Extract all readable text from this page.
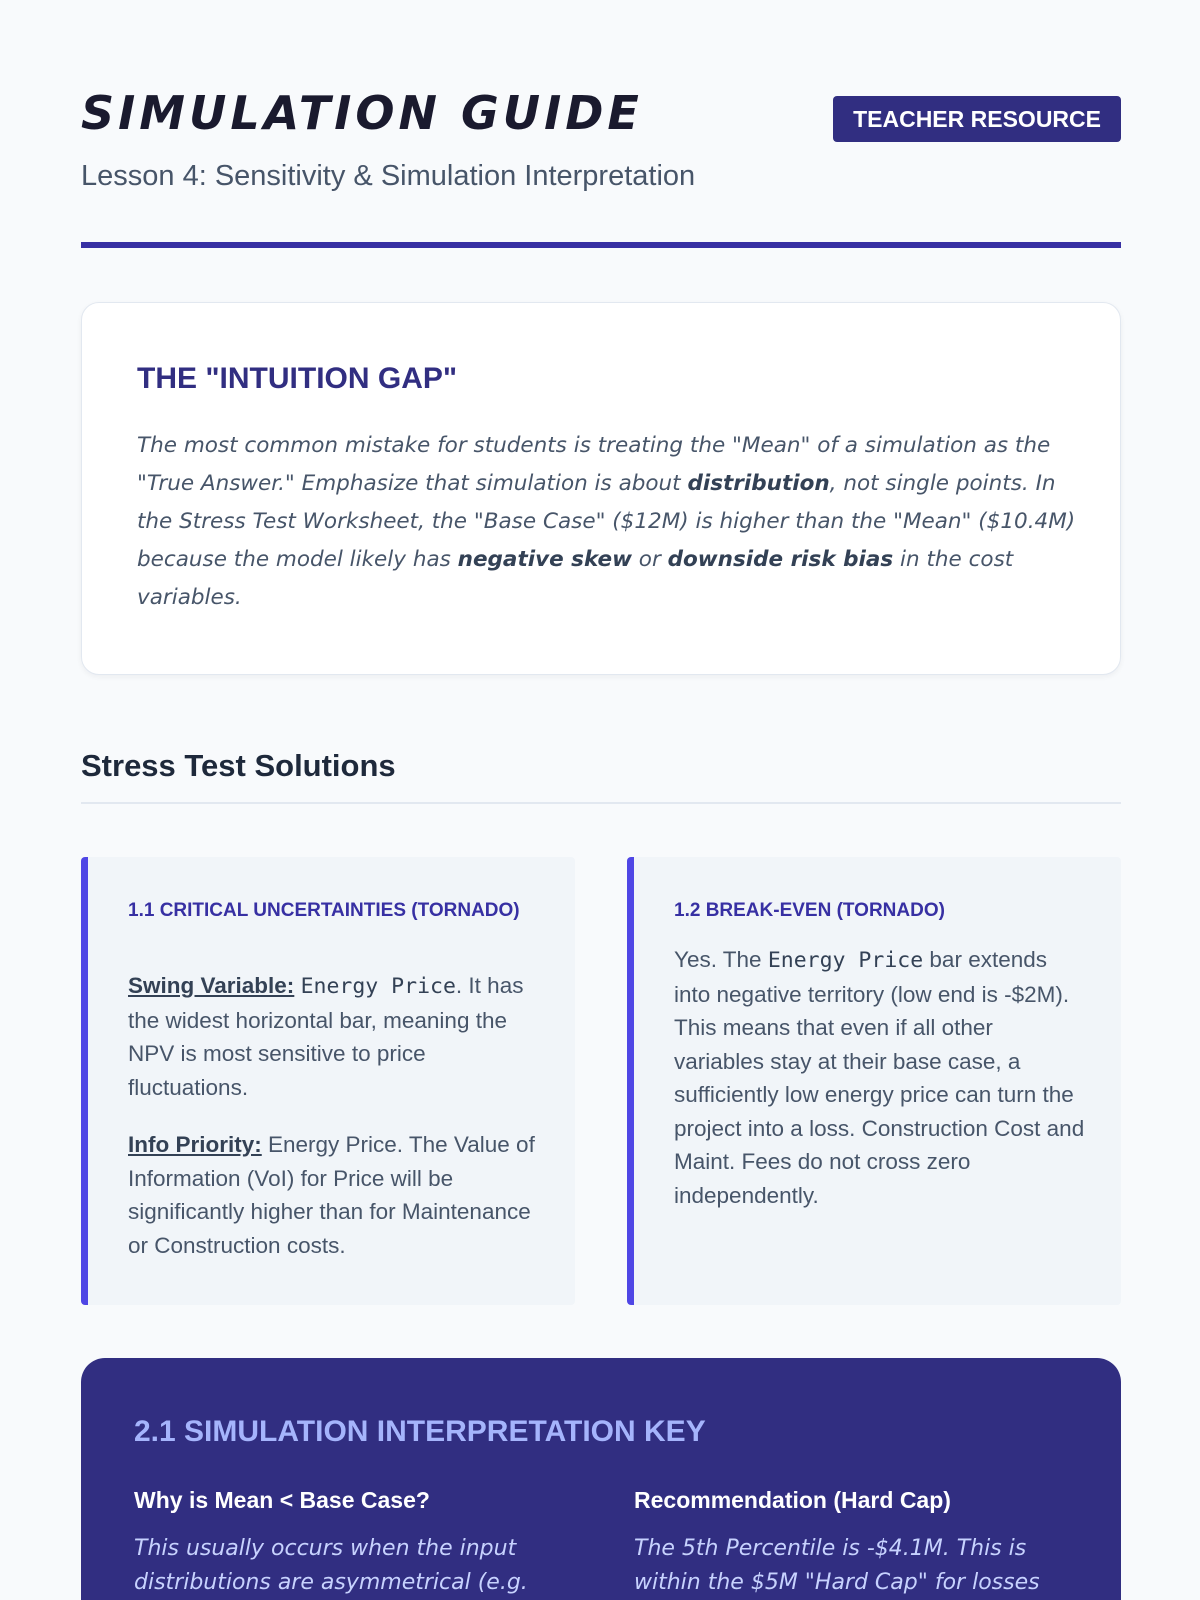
SIMULATION GUIDE	TEACHER RESOURCE
Lesson 4: Sensitivity & Simulation Interpretation
THE "INTUITION GAP"

The most common mistake for students is treating the "Mean" of a simulation as the "True Answer." Emphasize that simulation is about distribution, not single points. In the Stress Test Worksheet, the "Base Case" ($12M) is higher than the "Mean" ($10.4M) because the model likely has negative skew or downside risk bias in the cost variables.

Stress Test Solutions
1.1 CRITICAL UNCERTAINTIES (TORNADO)

Swing Variable: Energy Price. It has the widest horizontal bar, meaning the NPV is most sensitive to price fluctuations.

Info Priority: Energy Price. The Value of Information (VoI) for Price will be significantly higher than for Maintenance or Construction costs.

1.2 BREAK-EVEN (TORNADO)

Yes. The Energy Price bar extends into negative territory (low end is -$2M). This means that even if all other variables stay at their base case, a sufficiently low energy price can turn the project into a loss. Construction Cost and Maint. Fees do not cross zero independently.

2.1 SIMULATION INTERPRETATION KEY
Why is Mean < Base Case?

This usually occurs when the input distributions are asymmetrical (e.g.

Recommendation (Hard Cap)

The 5th Percentile is -$4.1M. This is within the $5M "Hard Cap" for losses
